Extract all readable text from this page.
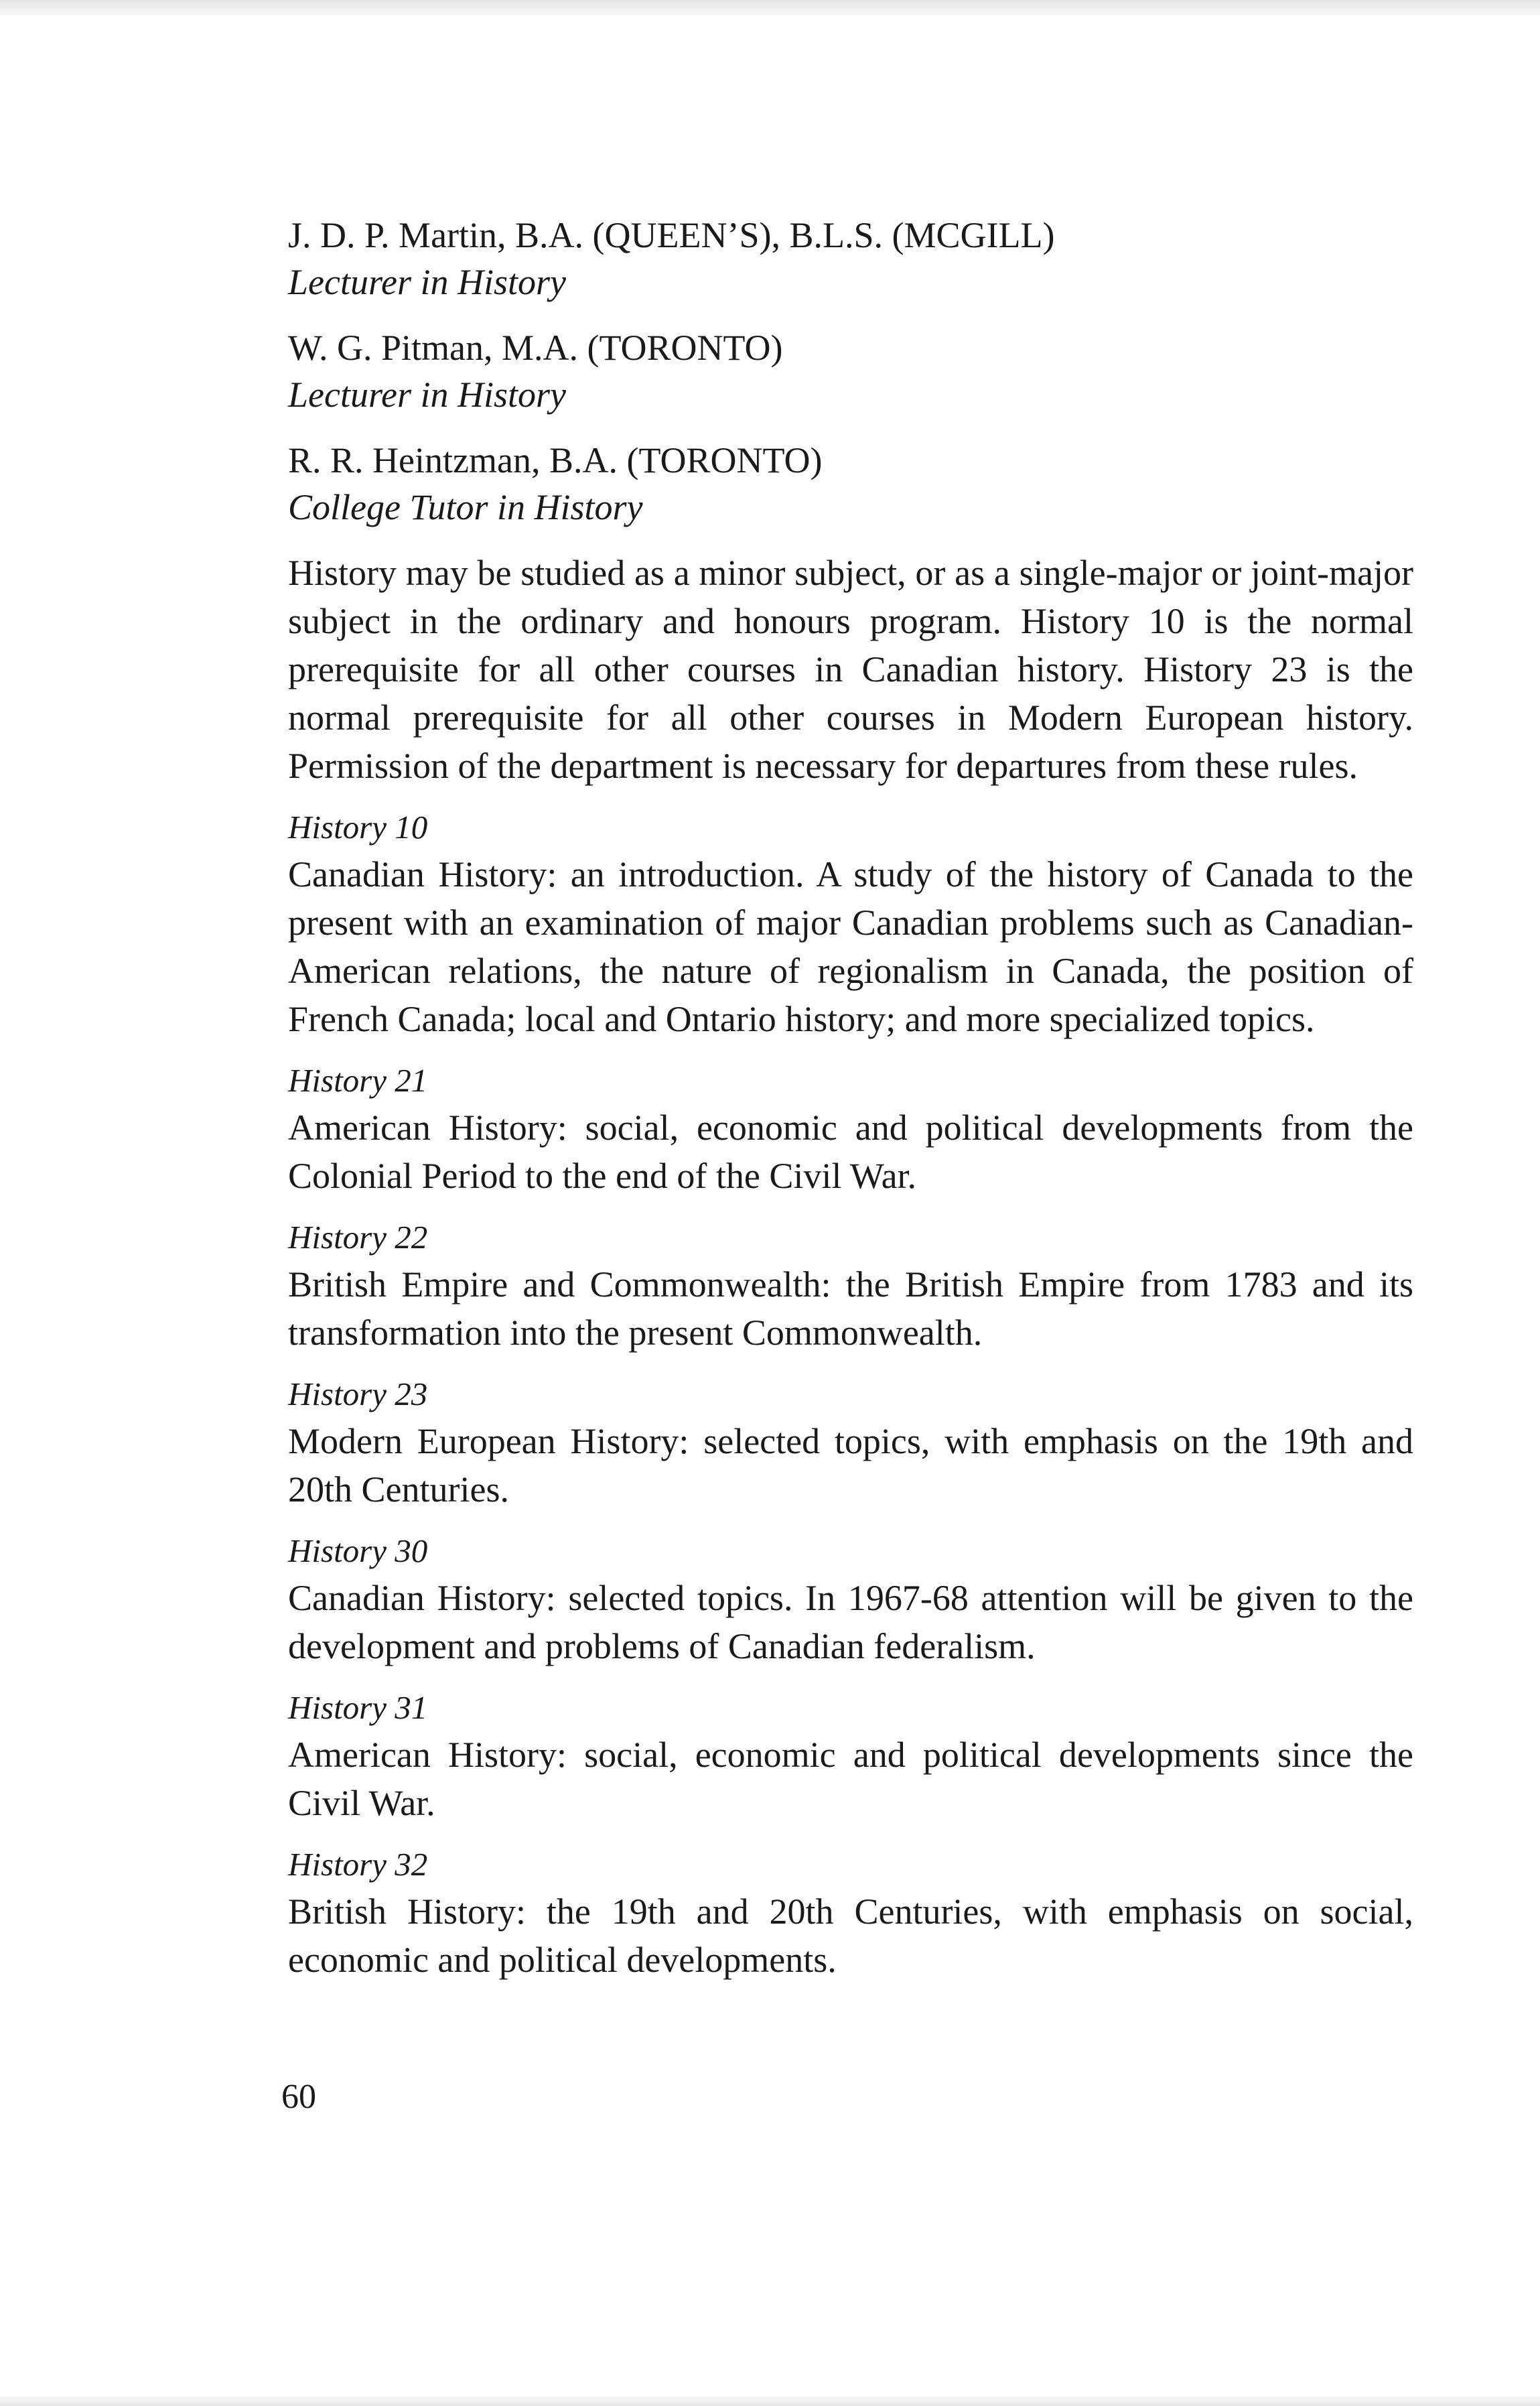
J. D. P. Martin, B.A. (QUEEN’S), B.L.S. (MCGILL)
Lecturer in History
W. G. Pitman, M.A. (TORONTO)
Lecturer in History
R. R. Heintzman, B.A. (TORONTO)
College Tutor in History

History may be studied as a minor subject, or as a single-major or joint-major subject in the ordinary and honours program. History 10 is the normal prerequisite for all other courses in Canadian history. History 23 is the normal prerequisite for all other courses in Modern European history. Permission of the department is necessary for departures from these rules.

History 10
Canadian History: an introduction. A study of the history of Canada to the present with an examination of major Canadian problems such as Canadian-American relations, the nature of regionalism in Canada, the position of French Canada; local and Ontario history; and more specialized topics.
History 21
American History: social, economic and political developments from the Colonial Period to the end of the Civil War.
History 22
British Empire and Commonwealth: the British Empire from 1783 and its transformation into the present Commonwealth.
History 23
Modern European History: selected topics, with emphasis on the 19th and 20th Centuries.
History 30
Canadian History: selected topics. In 1967-68 attention will be given to the development and problems of Canadian federalism.
History 31
American History: social, economic and political developments since the Civil War.
History 32
British History: the 19th and 20th Centuries, with emphasis on social, economic and political developments.
60
